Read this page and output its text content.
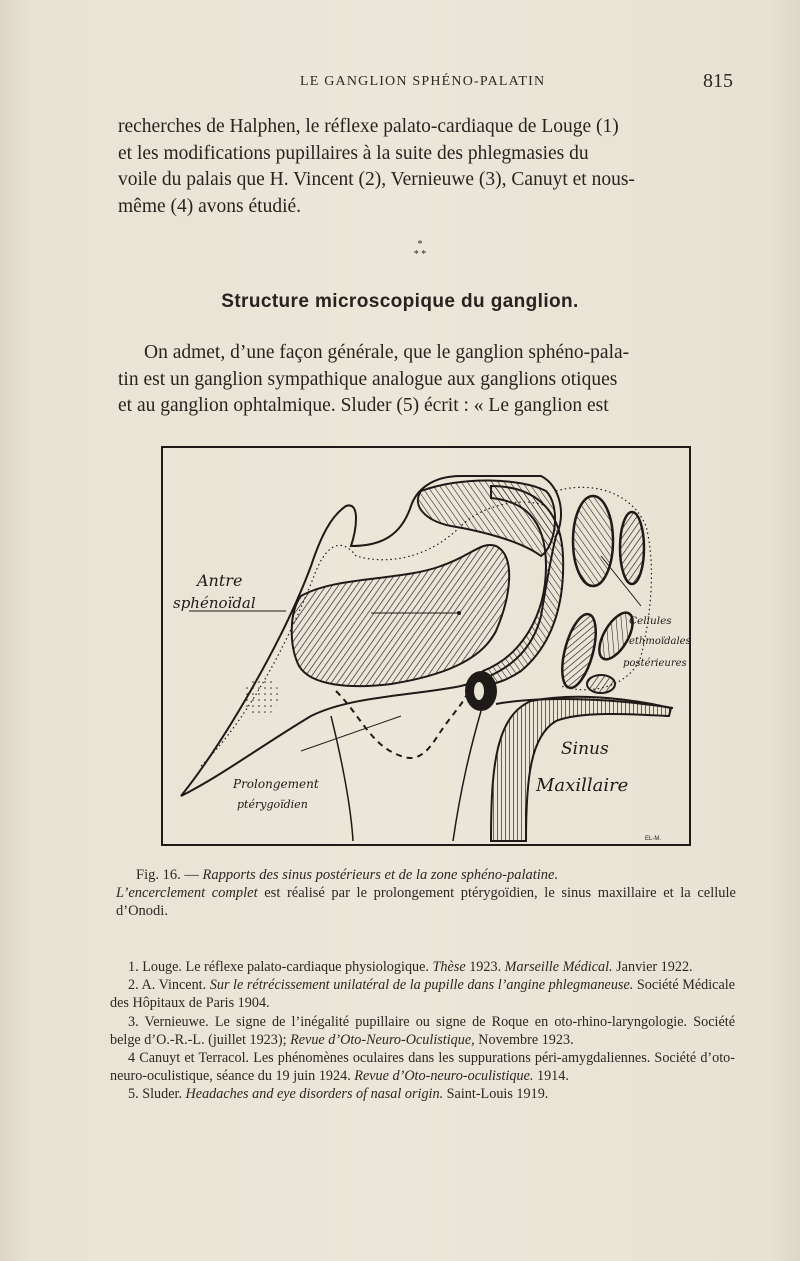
LE GANGLION SPHÉNO-PALATIN	815
recherches de Halphen, le réflexe palato-cardiaque de Louge (1)
et les modifications pupillaires à la suite des phlegmasies du
voile du palais que H. Vincent (2), Vernieuwe (3), Canuyt et nous-
même (4) avons étudié.
*
* *
Structure microscopique du ganglion.
On admet, d’une façon générale, que le ganglion sphéno-pala-
tin est un ganglion sympathique analogue aux ganglions otiques
et au ganglion ophtalmique. Sluder (5) écrit : « Le ganglion est
Antre
sphénoïdal
Cellules
ethmoïdales
postérieures
Sinus
Maxillaire
Prolongement
ptérygoïdien
EL-M.
Fig. 16. — Rapports des sinus postérieurs et de la zone sphéno-palatine.
L’encerclement complet est réalisé par le prolongement ptérygoïdien, le sinus maxillaire et la cellule d’Onodi.

1. Louge. Le réflexe palato-cardiaque physiologique. Thèse 1923. Marseille Médical. Janvier 1922.

2. A. Vincent. Sur le rétrécissement unilatéral de la pupille dans l’angine phlegmaneuse. Société Médicale des Hôpitaux de Paris 1904.

3. Vernieuwe. Le signe de l’inégalité pupillaire ou signe de Roque en oto-rhino-laryngologie. Société belge d’O.-R.-L. (juillet 1923); Revue d’Oto-Neuro-Oculistique, Novembre 1923.

4 Canuyt et Terracol. Les phénomènes oculaires dans les suppurations péri-amygdaliennes. Société d’oto-neuro-oculistique, séance du 19 juin 1924. Revue d’Oto-neuro-oculistique. 1914.

5. Sluder. Headaches and eye disorders of nasal origin. Saint-Louis 1919.
